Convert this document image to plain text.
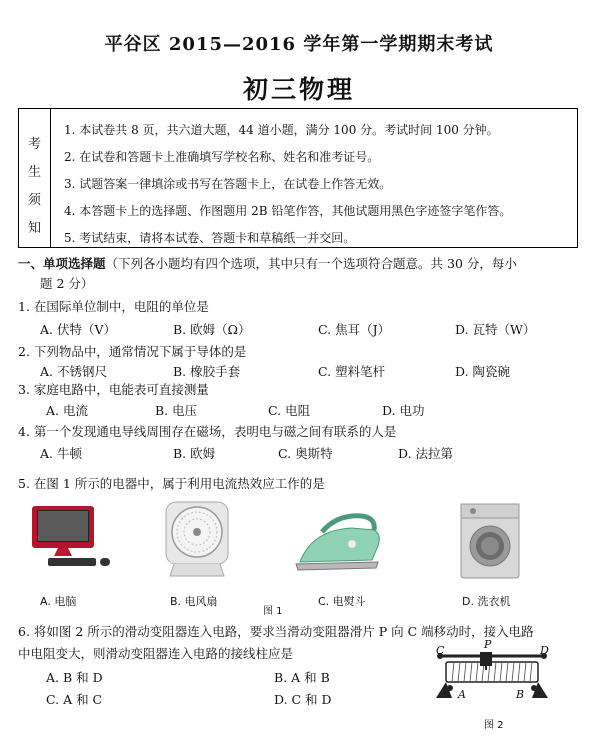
平谷区 2015—2016 学年第一学期期末考试
初三物理
考
生
须
知
1. 本试卷共 8 页，共六道大题，44 道小题，满分 100 分。考试时间 100 分钟。
2. 在试卷和答题卡上准确填写学校名称、姓名和准考证号。
3. 试题答案一律填涂或书写在答题卡上，在试卷上作答无效。
4. 本答题卡上的选择题、作图题用 2B 铅笔作答，其他试题用黑色字迹签字笔作答。
5. 考试结束，请将本试卷、答题卡和草稿纸一并交回。
一、单项选择题（下列各小题均有四个选项，其中只有一个选项符合题意。共 30 分，每小
题 2 分）
1. 在国际单位制中，电阻的单位是
A. 伏特（V）	B. 欧姆（Ω）	C. 焦耳（J）	D. 瓦特（W）
2. 下列物品中，通常情况下属于导体的是
A. 不锈钢尺	B. 橡胶手套	C. 塑料笔杆	D. 陶瓷碗
3. 家庭电路中，电能表可直接测量
A. 电流	B. 电压	C. 电阻	D. 电功
4. 第一个发现通电导线周围存在磁场，表明电与磁之间有联系的人是
A. 牛顿	B. 欧姆	C. 奥斯特	D. 法拉第
5. 在图 1 所示的电器中，属于利用电流热效应工作的是
A. 电脑	B. 电风扇	C. 电熨斗	D. 洗衣机
图 1
6. 将如图 2 所示的滑动变阻器连入电路，要求当滑动变阻器滑片 P 向 C 端移动时，接入电路
中电阻变大，则滑动变阻器连入电路的接线柱应是
A. B 和 D	B. A 和 B
C. A 和 C	D. C 和 D
C	P	D
A	B
图 2
